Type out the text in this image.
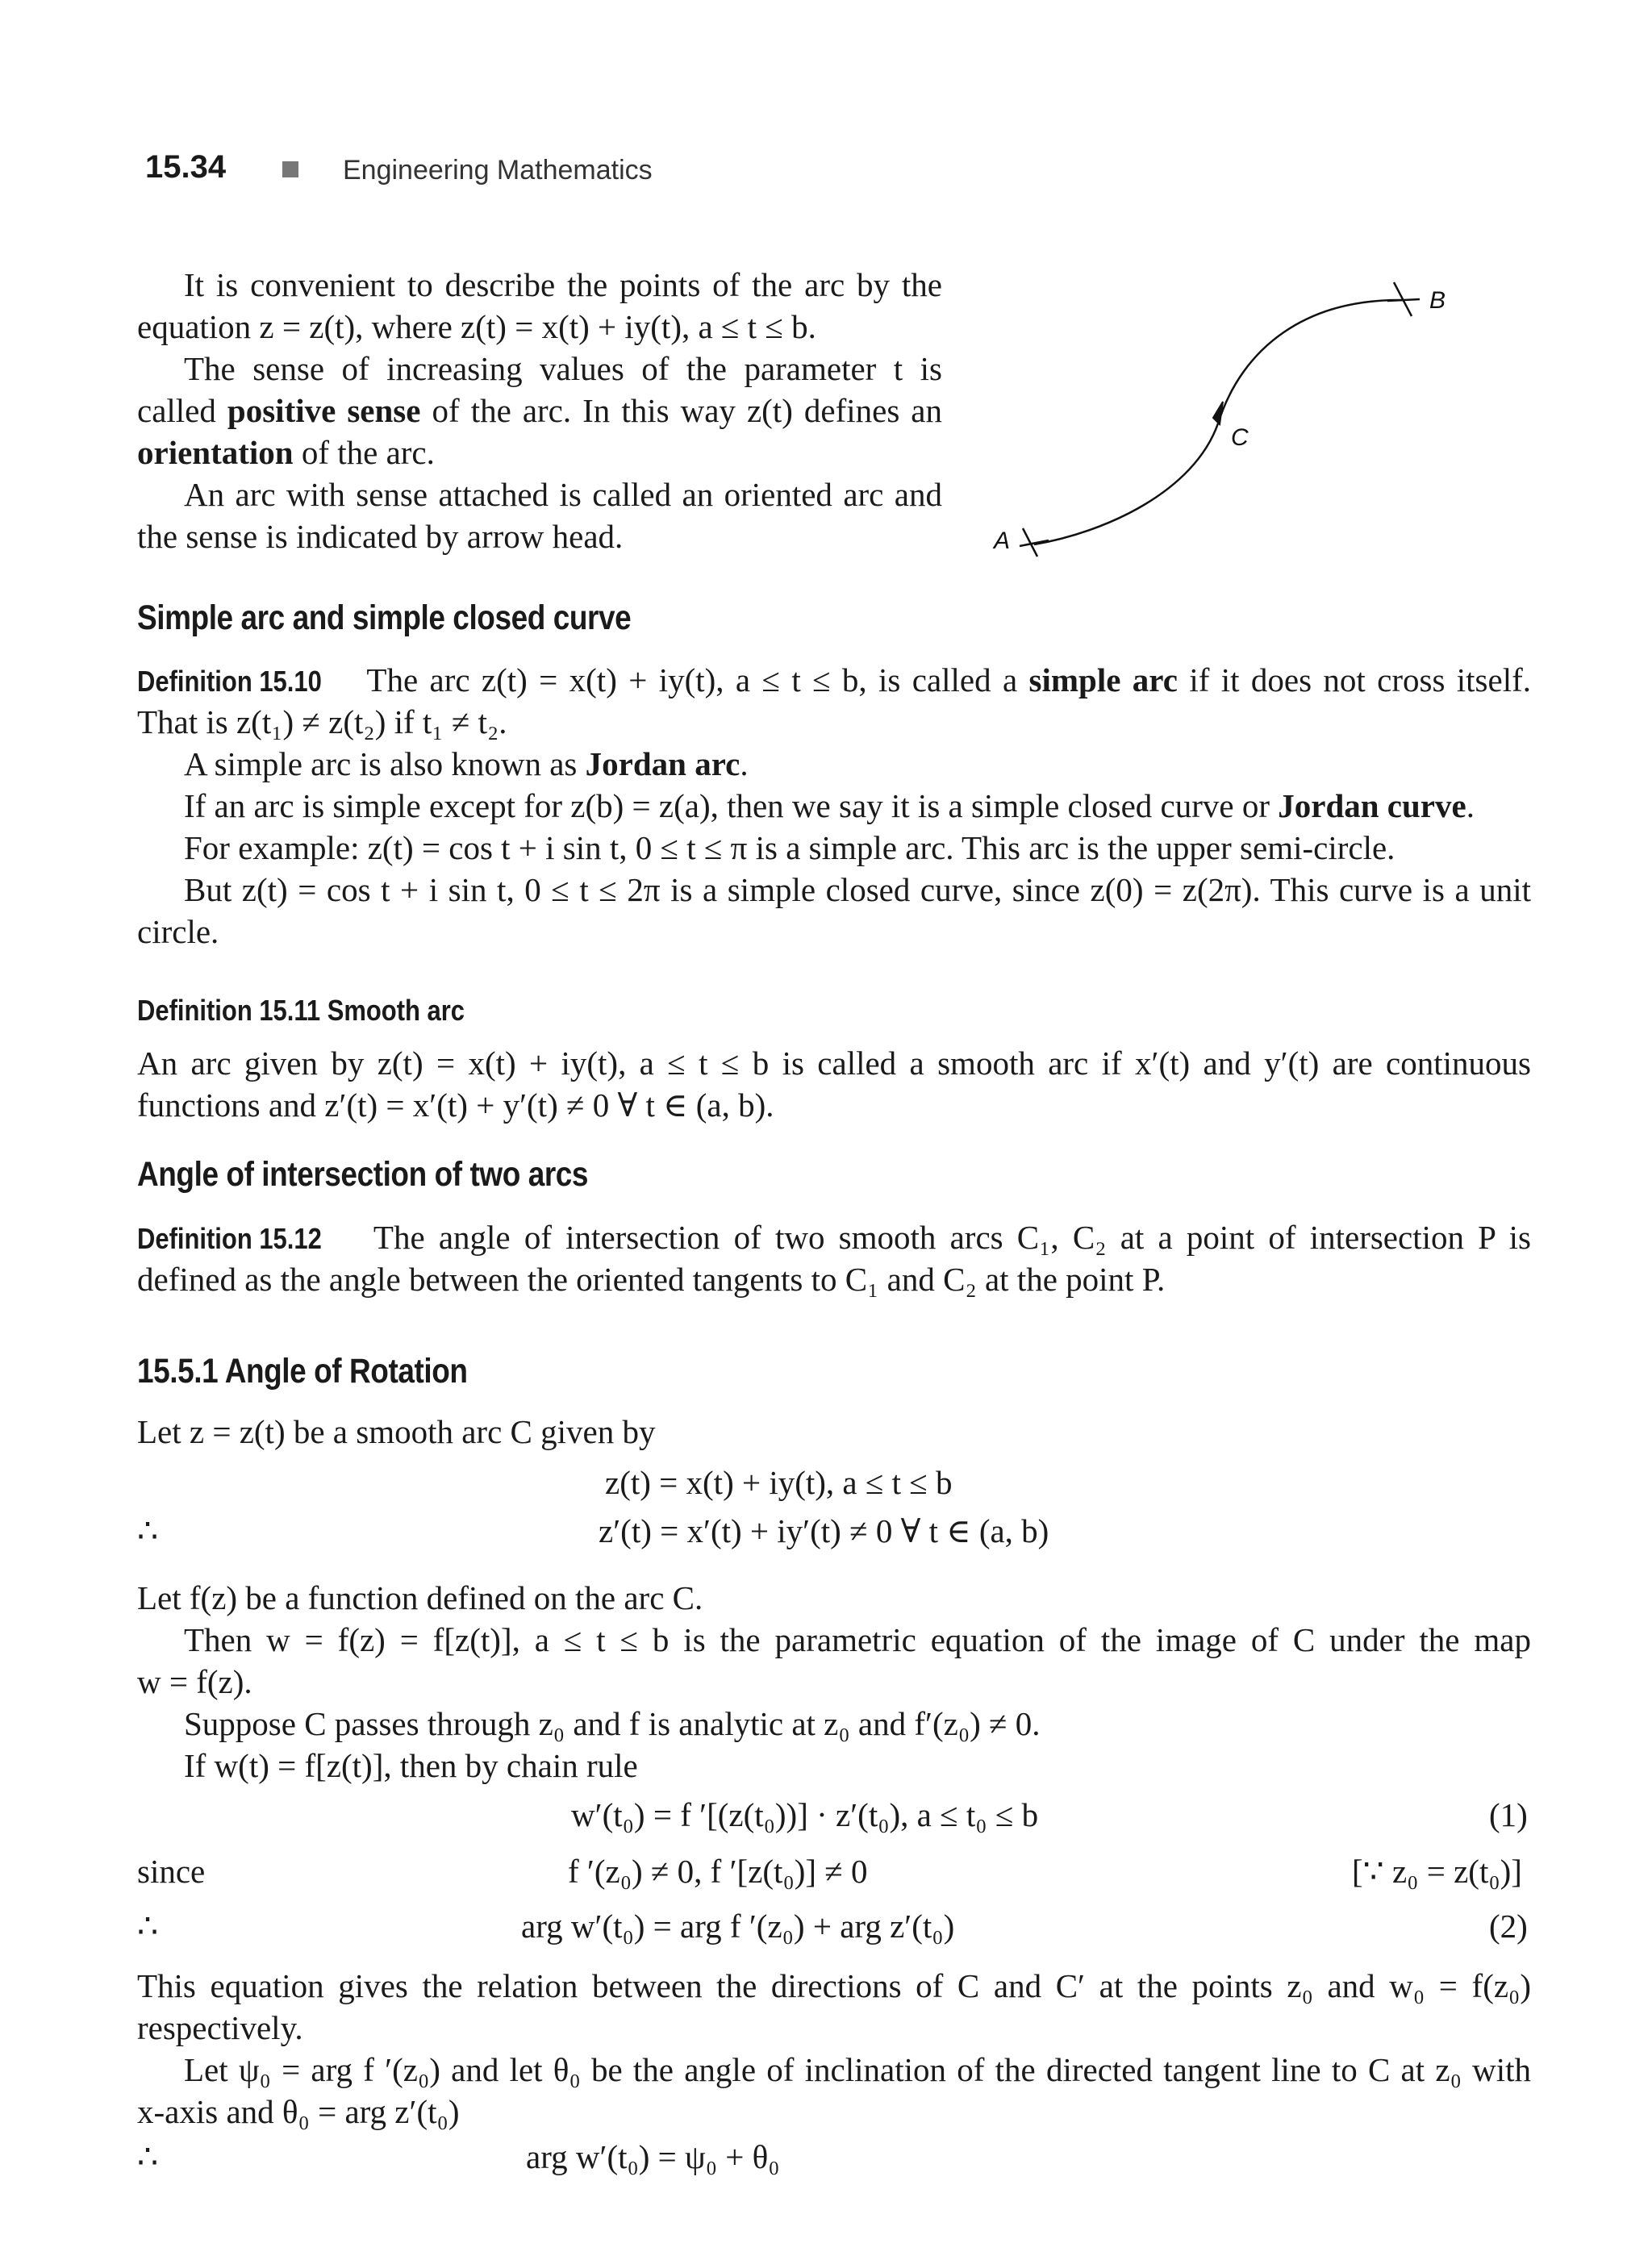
15.34	Engineering Mathematics
A
B
C
It is convenient to describe the points of the arc by the
equation z = z(t), where z(t) = x(t) + iy(t), a ≤ t ≤ b.
The sense of increasing values of the parameter t is
called positive sense of the arc. In this way z(t) defines an
orientation of the arc.
An arc with sense attached is called an oriented arc and
the sense is indicated by arrow head.
Simple arc and simple closed curve
Definition 15.10 The arc z(t) = x(t) + iy(t), a ≤ t ≤ b, is called a simple arc if it does not cross itself.
That is z(t₁) ≠ z(t₂) if t₁ ≠ t₂.
A simple arc is also known as Jordan arc.
If an arc is simple except for z(b) = z(a), then we say it is a simple closed curve or Jordan curve.
For example: z(t) = cos t + i sin t, 0 ≤ t ≤ π is a simple arc. This arc is the upper semi-circle.
But z(t) = cos t + i sin t, 0 ≤ t ≤ 2π is a simple closed curve, since z(0) = z(2π). This curve is a unit
circle.
Definition 15.11 Smooth arc
An arc given by z(t) = x(t) + iy(t), a ≤ t ≤ b is called a smooth arc if x′(t) and y′(t) are continuous
functions and z′(t) = x′(t) + y′(t) ≠ 0 ∀ t ∈ (a, b).
Angle of intersection of two arcs
Definition 15.12 The angle of intersection of two smooth arcs C₁, C₂ at a point of intersection P is
defined as the angle between the oriented tangents to C₁ and C₂ at the point P.
15.5.1 Angle of Rotation
Let z = z(t) be a smooth arc C given by
z(t) = x(t) + iy(t), a ≤ t ≤ b
∴	z′(t) = x′(t) + iy′(t) ≠ 0 ∀ t ∈ (a, b)
Let f(z) be a function defined on the arc C.
Then w = f(z) = f[z(t)], a ≤ t ≤ b is the parametric equation of the image of C under the map
w = f(z).
Suppose C passes through z₀ and f is analytic at z₀ and f′(z₀) ≠ 0.
If w(t) = f[z(t)], then by chain rule
w′(t₀) = f ′[(z(t₀))] · z′(t₀), a ≤ t₀ ≤ b	(1)
since	f ′(z₀) ≠ 0, f ′[z(t₀)] ≠ 0	[∵ z₀ = z(t₀)]
∴	arg w′(t₀) = arg f ′(z₀) + arg z′(t₀)	(2)
This equation gives the relation between the directions of C and C′ at the points z₀ and w₀ = f(z₀)
respectively.
Let ψ₀ = arg f ′(z₀) and let θ₀ be the angle of inclination of the directed tangent line to C at z₀ with
x-axis and θ₀ = arg z′(t₀)
∴	arg w′(t₀) = ψ₀ + θ₀
